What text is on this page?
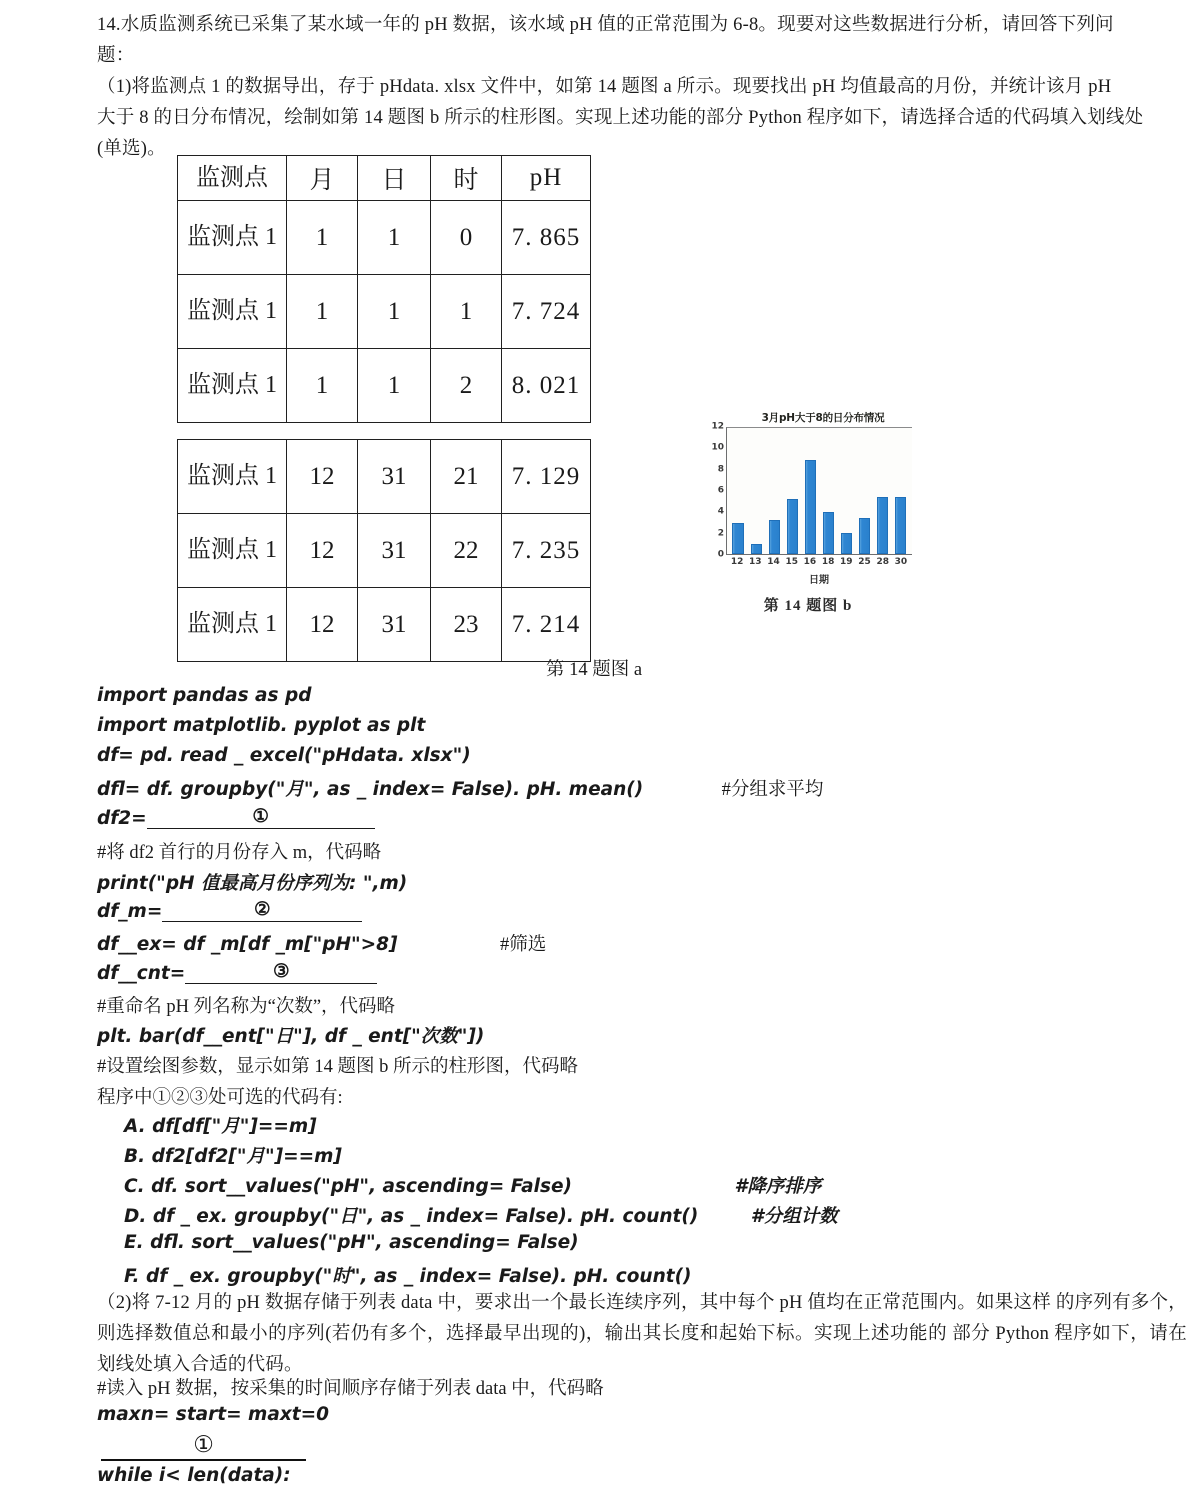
14.水质监测系统已采集了某水域一年的 pH 数据，该水域 pH 值的正常范围为 6-8。现要对这些数据进行分析，请回答下列问
题：
（1)将监测点 1 的数据导出，存于 pHdata. xlsx 文件中，如第 14 题图 a 所示。现要找出 pH 均值最高的月份，并统计该月 pH
大于 8 的日分布情况，绘制如第 14 题图 b 所示的柱形图。实现上述功能的部分 Python 程序如下，请选择合适的代码填入划线处
(单选)。
监测点	月	日	时	pH
监测点 1	1	1	0	7. 865
监测点 1	1	1	1	7. 724
监测点 1	1	1	2	8. 021
监测点 1	12	31	21	7. 129
监测点 1	12	31	22	7. 235
监测点 1	12	31	23	7. 214
3月pH大于8的日分布情况
12
10
8
6
4
2
0
12 13 14 15 16 18 19 25 28 30
日期
第 14 题图 b
第 14 题图 a
import pandas as pd
import matplotlib. pyplot as plt
df= pd. read _ excel("pHdata. xlsx")
dfl= df. groupby("月", as _ index= False). pH. mean()	#分组求平均
df2=	①
#将 df2 首行的月份存入 m，代码略
print("pH 值最高月份序列为: ",m)
df_m=	②
df__ex= df _m[df _m["pH">8]	#筛选
df__cnt=	③
#重命名 pH 列名称为“次数”，代码略
plt. bar(df__ent["日"], df _ ent["次数"])
#设置绘图参数，显示如第 14 题图 b 所示的柱形图，代码略
程序中①②③处可选的代码有:
A. df[df["月"]==m]
B. df2[df2["月"]==m]
C. df. sort__values("pH", ascending= False)	#降序排序
D. df _ ex. groupby("日", as _ index= False). pH. count()	#分组计数
E. dfl. sort__values("pH", ascending= False)
F. df _ ex. groupby("时", as _ index= False). pH. count()
（2)将 7-12 月的 pH 数据存储于列表 data 中，要求出一个最长连续序列，其中每个 pH 值均在正常范围内。如果这样 的序列有多个，则选择数值总和最小的序列(若仍有多个，选择最早出现的)，输出其长度和起始下标。实现上述功能的 部分 Python 程序如下，请在划线处填入合适的代码。
#读入 pH 数据，按采集的时间顺序存储于列表 data 中，代码略
maxn= start= maxt=0
①
while i< len(data):
